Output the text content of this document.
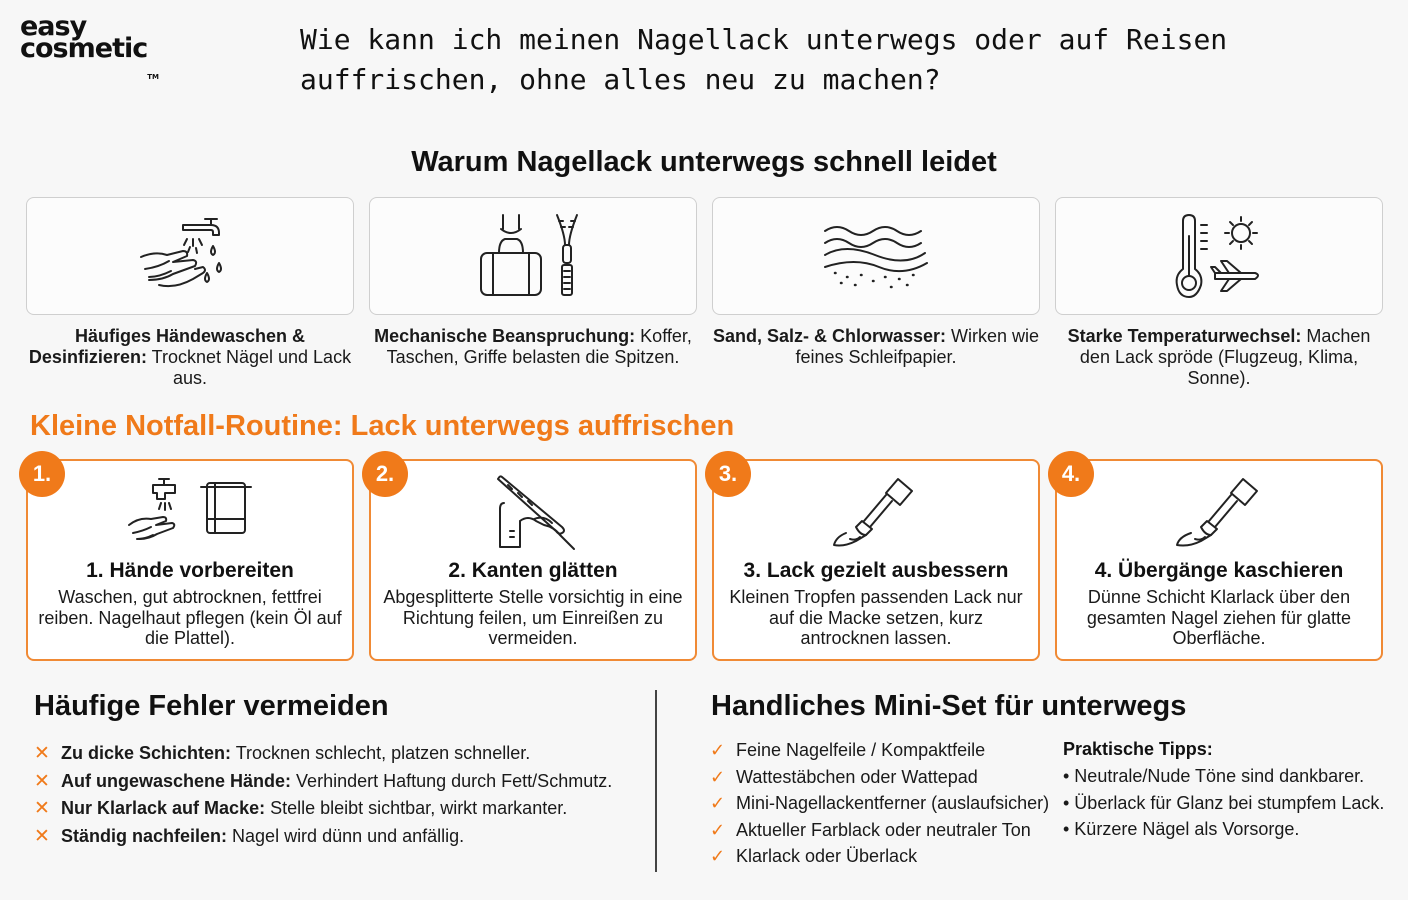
easy
cosmeticTM
Wie kann ich meinen Nagellack unterwegs oder auf Reisen auffrischen, ohne alles neu zu machen?
Warum Nagellack unterwegs schnell leidet
Häufiges Händewaschen & Desinfizieren: Trocknet Nägel und Lack aus.
Mechanische Beanspruchung: Koffer, Taschen, Griffe belasten die Spitzen.
Sand, Salz- & Chlorwasser: Wirken wie feines Schleifpapier.
Starke Temperaturwechsel: Machen den Lack spröde (Flugzeug, Klima, Sonne).
Kleine Notfall-Routine: Lack unterwegs auffrischen
1. Hände vorbereiten
Waschen, gut abtrocknen, fettfrei reiben. Nagelhaut pflegen (kein Öl auf die Plattel).
2. Kanten glätten
Abgesplitterte Stelle vorsichtig in eine Richtung feilen, um Einreißen zu vermeiden.
3. Lack gezielt ausbessern
Kleinen Tropfen passenden Lack nur auf die Macke setzen, kurz antrocknen lassen.
4. Übergänge kaschieren
Dünne Schicht Klarlack über den gesamten Nagel ziehen für glatte Oberfläche.
1.	2.	3.	4.
Häufige Fehler vermeiden
✕ Zu dicke Schichten: Trocknen schlecht, platzen schneller.
✕ Auf ungewaschene Hände: Verhindert Haftung durch Fett/Schmutz.
✕ Nur Klarlack auf Macke: Stelle bleibt sichtbar, wirkt markanter.
✕ Ständig nachfeilen: Nagel wird dünn und anfällig.
Handliches Mini-Set für unterwegs
✓ Feine Nagelfeile / Kompaktfeile
✓ Wattestäbchen oder Wattepad
✓ Mini-Nagellackentferner (auslaufsicher)
✓ Aktueller Farblack oder neutraler Ton
✓ Klarlack oder Überlack
Praktische Tipps:
• Neutrale/Nude Töne sind dankbarer.
• Überlack für Glanz bei stumpfem Lack.
• Kürzere Nägel als Vorsorge.
